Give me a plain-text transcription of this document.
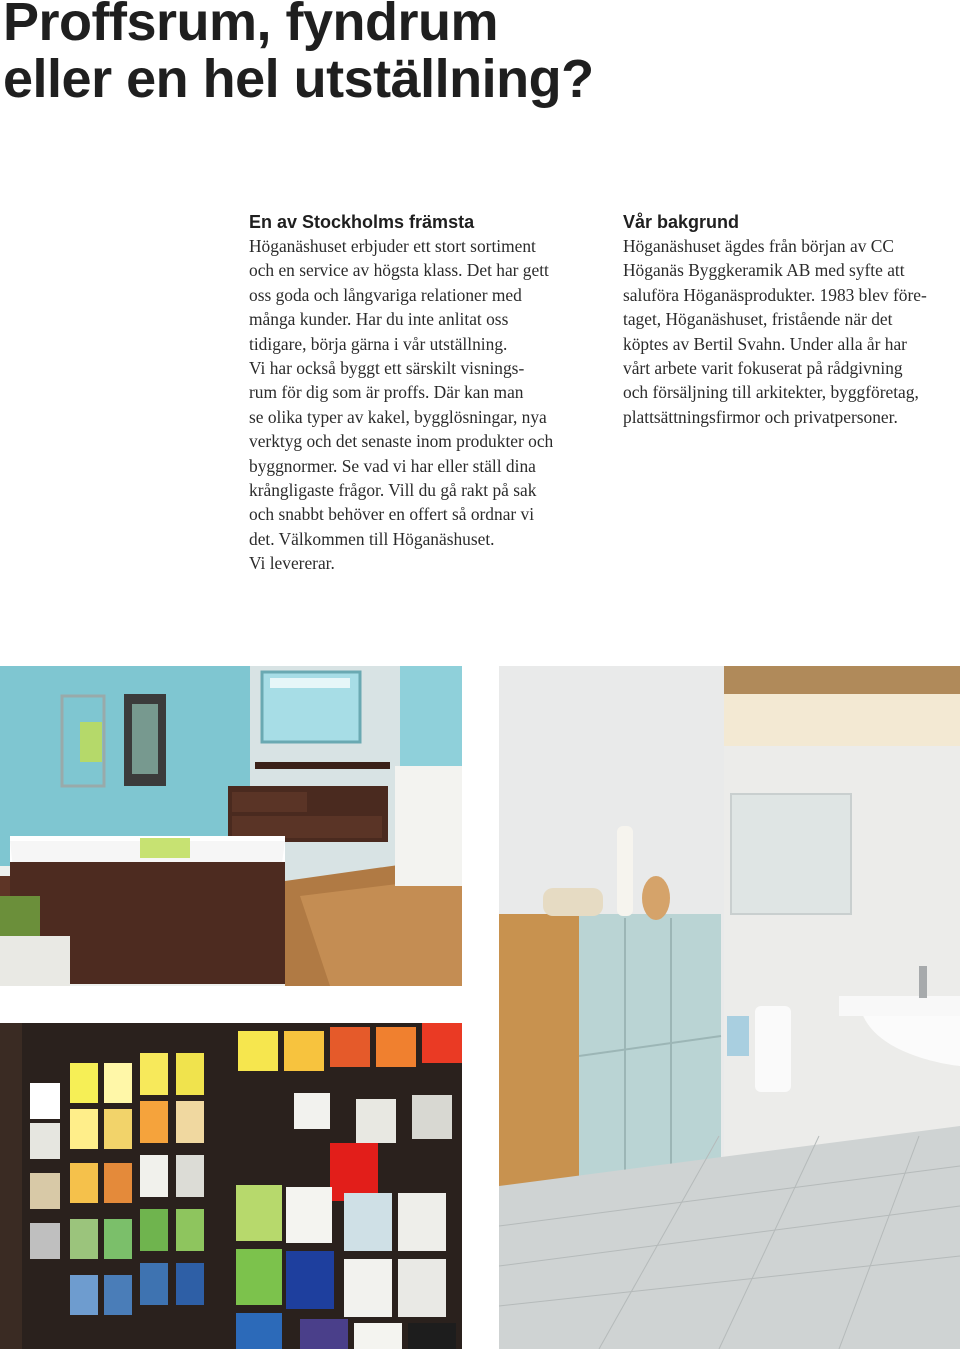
Proffsrum, fyndrum
eller en hel utställning?
En av Stockholms främsta

Höganäshuset erbjuder ett stort sortiment
och en service av högsta klass. Det har gett
oss goda och långvariga relationer med
många kunder. Har du inte anlitat oss
tidigare, börja gärna i vår utställning.
Vi har också byggt ett särskilt visnings-
rum för dig som är proffs. Där kan man
se olika typer av kakel, bygglösningar, nya
verktyg och det senaste inom produkter och
byggnormer. Se vad vi har eller ställ dina
krångligaste frågor. Vill du gå rakt på sak
och snabbt behöver en offert så ordnar vi
det. Välkommen till Höganäshuset.
Vi levererar.

Vår bakgrund

Höganäshuset ägdes från början av CC
Höganäs Byggkeramik AB med syfte att
saluföra Höganäsprodukter. 1983 blev före-
taget, Höganäshuset, fristående när det
köptes av Bertil Svahn. Under alla år har
vårt arbete varit fokuserat på rådgivning
och försäljning till arkitekter, byggföretag,
plattsättningsfirmor och privatpersoner.
